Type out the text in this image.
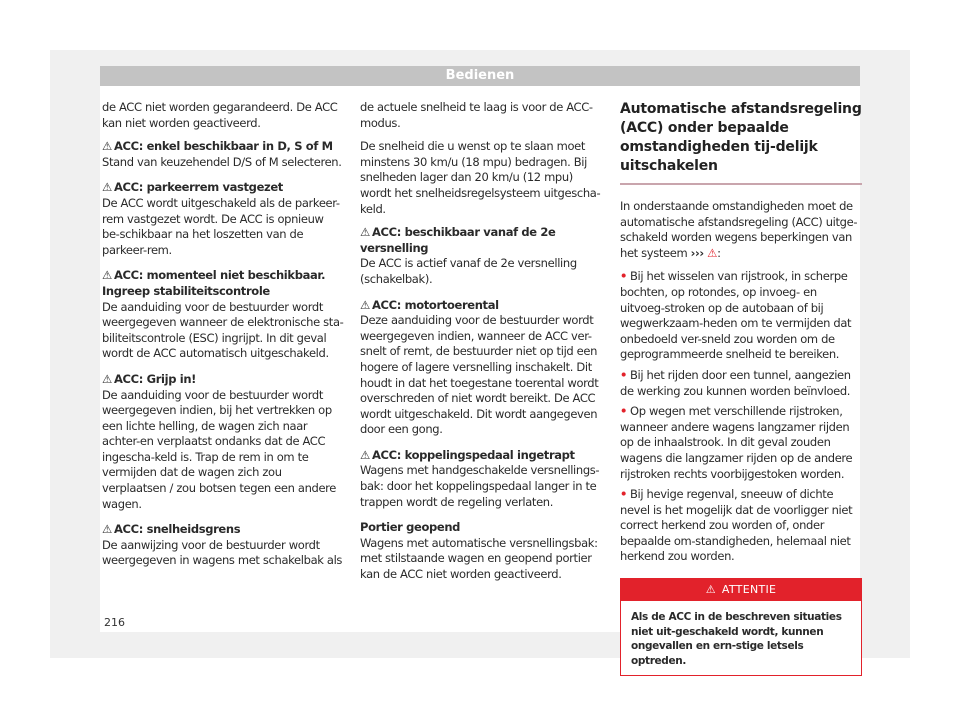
Bedienen

de ACC niet worden gegarandeerd. De ACC kan niet worden geactiveerd.

⚠ ACC: enkel beschikbaar in D, S of M
Stand van keuzehendel D/S of M selecteren.
⚠ ACC: parkeerrem vastgezet
De ACC wordt uitgeschakeld als de parkeer-rem vastgezet wordt. De ACC is opnieuw be-schikbaar na het loszetten van de parkeer-rem.
⚠ ACC: momenteel niet beschikbaar. Ingreep stabiliteitscontrole
De aanduiding voor de bestuurder wordt weergegeven wanneer de elektronische sta-biliteitscontrole (ESC) ingrijpt. In dit geval wordt de ACC automatisch uitgeschakeld.
⚠ ACC: Grijp in!
De aanduiding voor de bestuurder wordt weergegeven indien, bij het vertrekken op een lichte helling, de wagen zich naar achter-en verplaatst ondanks dat de ACC ingescha-keld is. Trap de rem in om te vermijden dat de wagen zich zou verplaatsen / zou botsen tegen een andere wagen.
⚠ ACC: snelheidsgrens
De aanwijzing voor de bestuurder wordt weergegeven in wagens met schakelbak als

de actuele snelheid te laag is voor de ACC-modus.

De snelheid die u wenst op te slaan moet minstens 30 km/u (18 mpu) bedragen. Bij snelheden lager dan 20 km/u (12 mpu) wordt het snelheidsregelsysteem uitgescha-keld.

⚠ ACC: beschikbaar vanaf de 2e versnelling
De ACC is actief vanaf de 2e versnelling (schakelbak).
⚠ ACC: motortoerental
Deze aanduiding voor de bestuurder wordt weergegeven indien, wanneer de ACC ver-snelt of remt, de bestuurder niet op tijd een hogere of lagere versnelling inschakelt. Dit houdt in dat het toegestane toerental wordt overschreden of niet wordt bereikt. De ACC wordt uitgeschakeld. Dit wordt aangegeven door een gong.
⚠ ACC: koppelingspedaal ingetrapt
Wagens met handgeschakelde versnellings-bak: door het koppelingspedaal langer in te trappen wordt de regeling verlaten.
Portier geopend
Wagens met automatische versnellingsbak: met stilstaande wagen en geopend portier kan de ACC niet worden geactiveerd.
Automatische afstandsregeling (ACC) onder bepaalde omstandigheden tij-delijk uitschakelen

In onderstaande omstandigheden moet de automatische afstandsregeling (ACC) uitge-schakeld worden wegens beperkingen van het systeem ››› ⚠:

• Bij het wisselen van rijstrook, in scherpe bochten, op rotondes, op invoeg- en uitvoeg-stroken op de autobaan of bij wegwerkzaam-heden om te vermijden dat onbedoeld ver-sneld zou worden om de geprogrammeerde snelheid te bereiken.

• Bij het rijden door een tunnel, aangezien de werking zou kunnen worden beïnvloed.

• Op wegen met verschillende rijstroken, wanneer andere wagens langzamer rijden op de inhaalstrook. In dit geval zouden wagens die langzamer rijden op de andere rijstroken rechts voorbijgestoken worden.

• Bij hevige regenval, sneeuw of dichte nevel is het mogelijk dat de voorligger niet correct herkend zou worden of, onder bepaalde om-standigheden, helemaal niet herkend zou worden.

⚠ ATTENTIE
Als de ACC in de beschreven situaties niet uit-geschakeld wordt, kunnen ongevallen en ern-stige letsels optreden.
216
